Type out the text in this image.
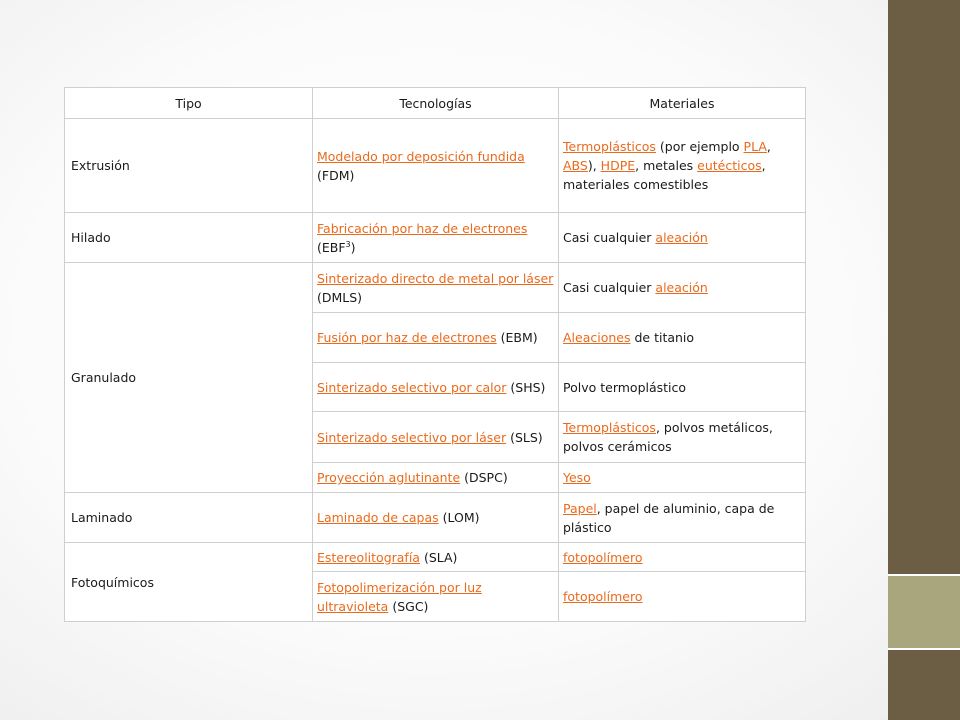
Tipo	Tecnologías	Materiales
Extrusión	Modelado por deposición fundida (FDM)	Termoplásticos (por ejemplo PLA, ABS), HDPE, metales eutécticos, materiales comestibles
Hilado	Fabricación por haz de electrones (EBF$^3$)	Casi cualquier aleación
Granulado	Sinterizado directo de metal por láser (DMLS)	Casi cualquier aleación
	Fusión por haz de electrones (EBM)	Aleaciones de titanio
	Sinterizado selectivo por calor (SHS)	Polvo termoplástico
	Sinterizado selectivo por láser (SLS)	Termoplásticos, polvos metálicos, polvos cerámicos
	Proyección aglutinante (DSPC)	Yeso
Laminado	Laminado de capas (LOM)	Papel, papel de aluminio, capa de plástico
Fotoquímicos	Estereolitografía (SLA)	fotopolímero
	Fotopolimerización por luz ultravioleta (SGC)	fotopolímero
